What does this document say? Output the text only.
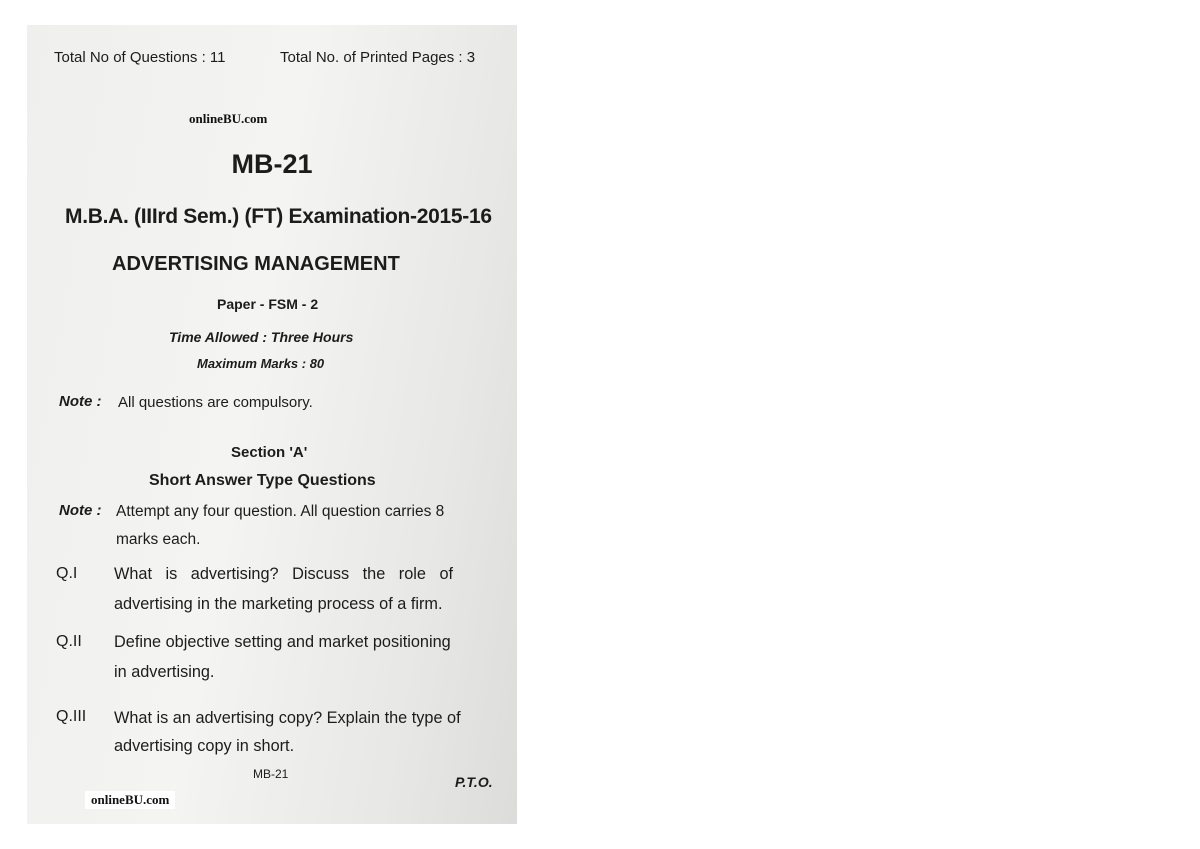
Total No of Questions : 11	Total No. of Printed Pages : 3
onlineBU.com
MB-21
M.B.A. (IIIrd Sem.) (FT) Examination-2015-16
ADVERTISING MANAGEMENT
Paper - FSM - 2
Time Allowed : Three Hours
Maximum Marks : 80
Note : All questions are compulsory.
Section 'A'
Short Answer Type Questions
Note : Attempt any four question. All question carries 8
marks each.
Q.I What is advertising? Discuss the role of
advertising in the marketing process of a firm.
Q.II Define objective setting and market positioning
in advertising.
Q.III What is an advertising copy? Explain the type of
advertising copy in short.
MB-21	P.T.O.
onlineBU.com
